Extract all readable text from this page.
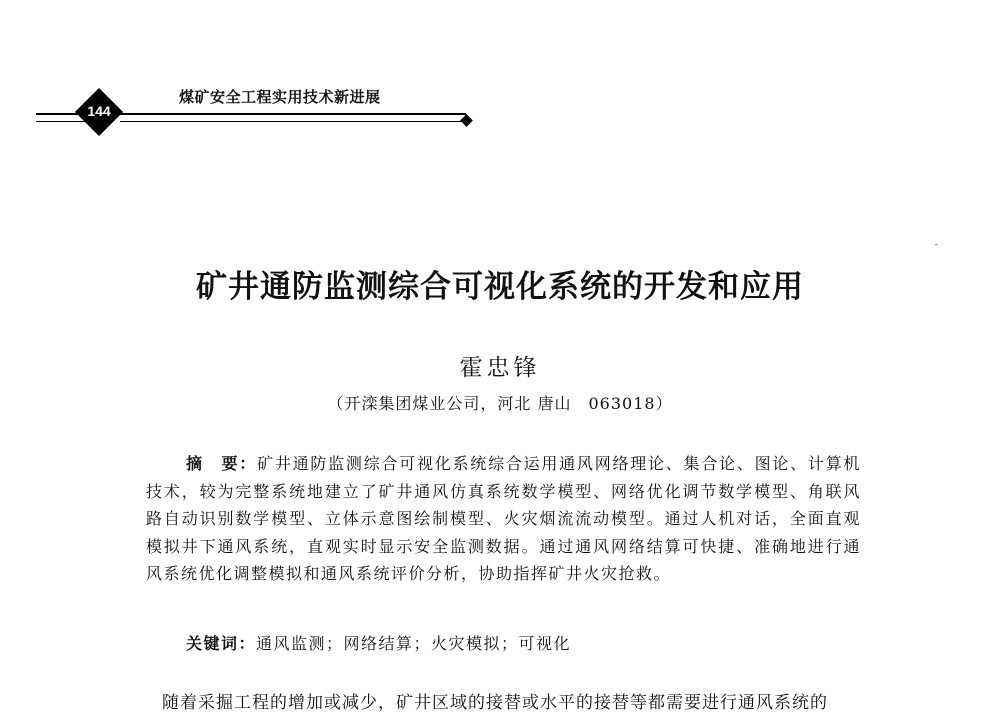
144
煤矿安全工程实用技术新进展
矿井通防监测综合可视化系统的开发和应用
霍忠锋
（开滦集团煤业公司，河北 唐山　063018）
摘　要：矿井通防监测综合可视化系统综合运用通风网络理论、集合论、图论、计算机技术，较为完整系统地建立了矿井通风仿真系统数学模型、网络优化调节数学模型、角联风路自动识别数学模型、立体示意图绘制模型、火灾烟流流动模型。通过人机对话，全面直观模拟井下通风系统，直观实时显示安全监测数据。通过通风网络结算可快捷、准确地进行通风系统优化调整模拟和通风系统评价分析，协助指挥矿井火灾抢救。
关键词：通风监测；网络结算；火灾模拟；可视化
随着采掘工程的增加或减少，矿井区域的接替或水平的接替等都需要进行通风系统的
